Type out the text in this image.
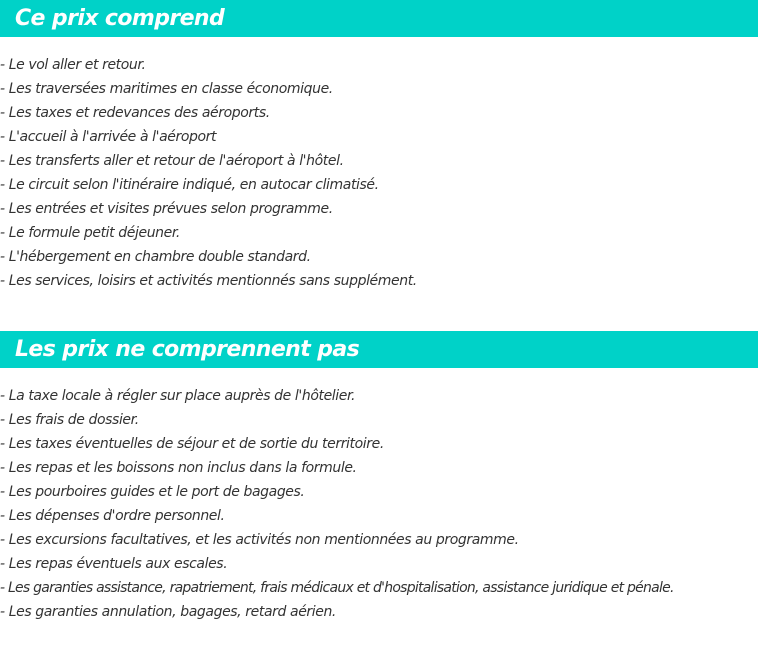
Ce prix comprend
- Le vol aller et retour.
- Les traversées maritimes en classe économique.
- Les taxes et redevances des aéroports.
- L'accueil à l'arrivée à l'aéroport
- Les transferts aller et retour de l'aéroport à l'hôtel.
- Le circuit selon l'itinéraire indiqué, en autocar climatisé.
- Les entrées et visites prévues selon programme.
- Le formule petit déjeuner.
- L'hébergement en chambre double standard.
- Les services, loisirs et activités mentionnés sans supplément.
Les prix ne comprennent pas
- La taxe locale à régler sur place auprès de l'hôtelier.
- Les frais de dossier.
- Les taxes éventuelles de séjour et de sortie du territoire.
- Les repas et les boissons non inclus dans la formule.
- Les pourboires guides et le port de bagages.
- Les dépenses d'ordre personnel.
- Les excursions facultatives, et les activités non mentionnées au programme.
- Les repas éventuels aux escales.
- Les garanties assistance, rapatriement, frais médicaux et d'hospitalisation, assistance juridique et pénale.
- Les garanties annulation, bagages, retard aérien.
